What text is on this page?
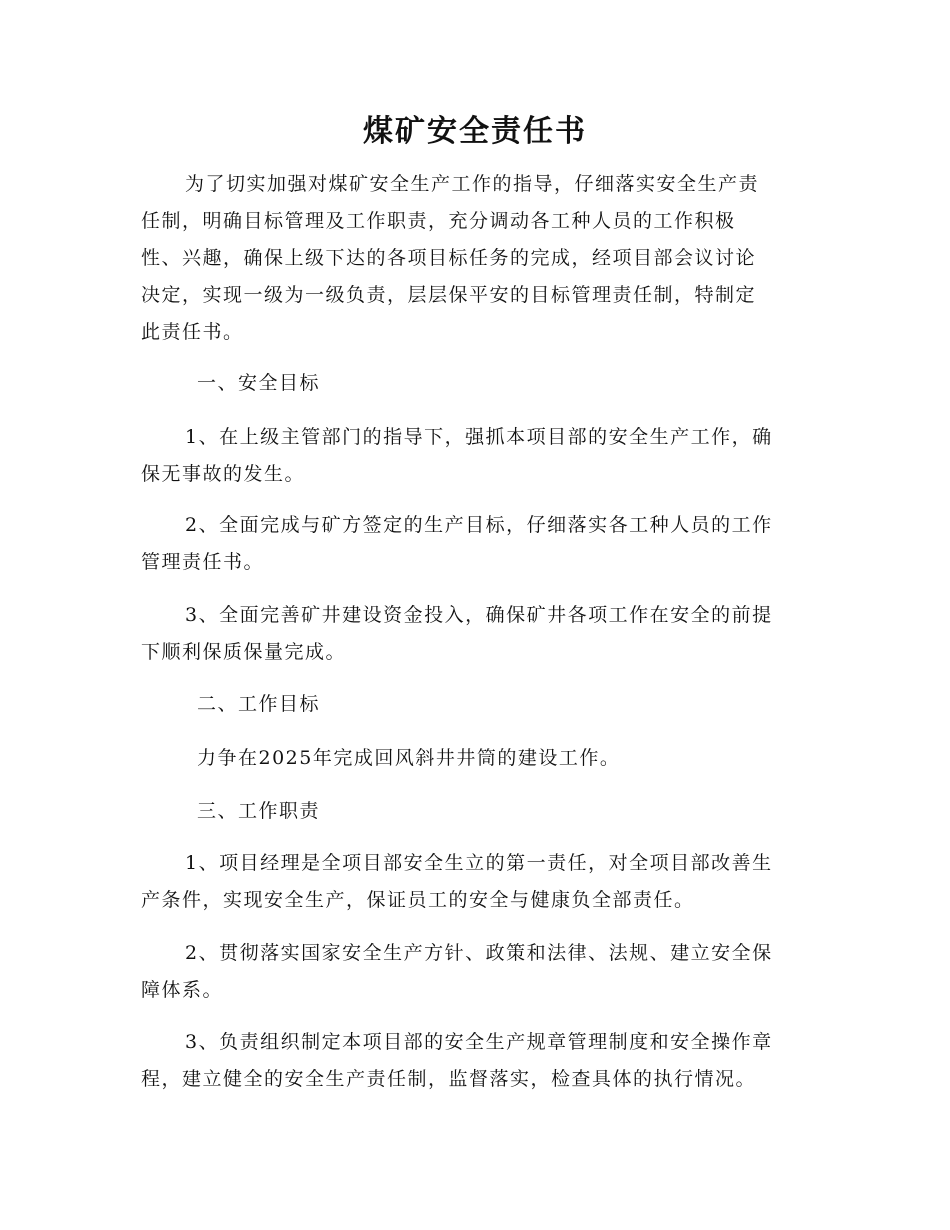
煤矿安全责任书

为了切实加强对煤矿安全生产工作的指导，仔细落实安全生产责
任制，明确目标管理及工作职责，充分调动各工种人员的工作积极
性、兴趣，确保上级下达的各项目标任务的完成，经项目部会议讨论
决定，实现一级为一级负责，层层保平安的目标管理责任制，特制定
此责任书。

一、安全目标

1、在上级主管部门的指导下，强抓本项目部的安全生产工作，确
保无事故的发生。

2、全面完成与矿方签定的生产目标，仔细落实各工种人员的工作
管理责任书。

3、全面完善矿井建设资金投入，确保矿井各项工作在安全的前提
下顺利保质保量完成。

二、工作目标

力争在2025年完成回风斜井井筒的建设工作。

三、工作职责

1、项目经理是全项目部安全生立的第一责任，对全项目部改善生
产条件，实现安全生产，保证员工的安全与健康负全部责任。

2、贯彻落实国家安全生产方针、政策和法律、法规、建立安全保
障体系。

3、负责组织制定本项目部的安全生产规章管理制度和安全操作章
程，建立健全的安全生产责任制，监督落实，检查具体的执行情况。
